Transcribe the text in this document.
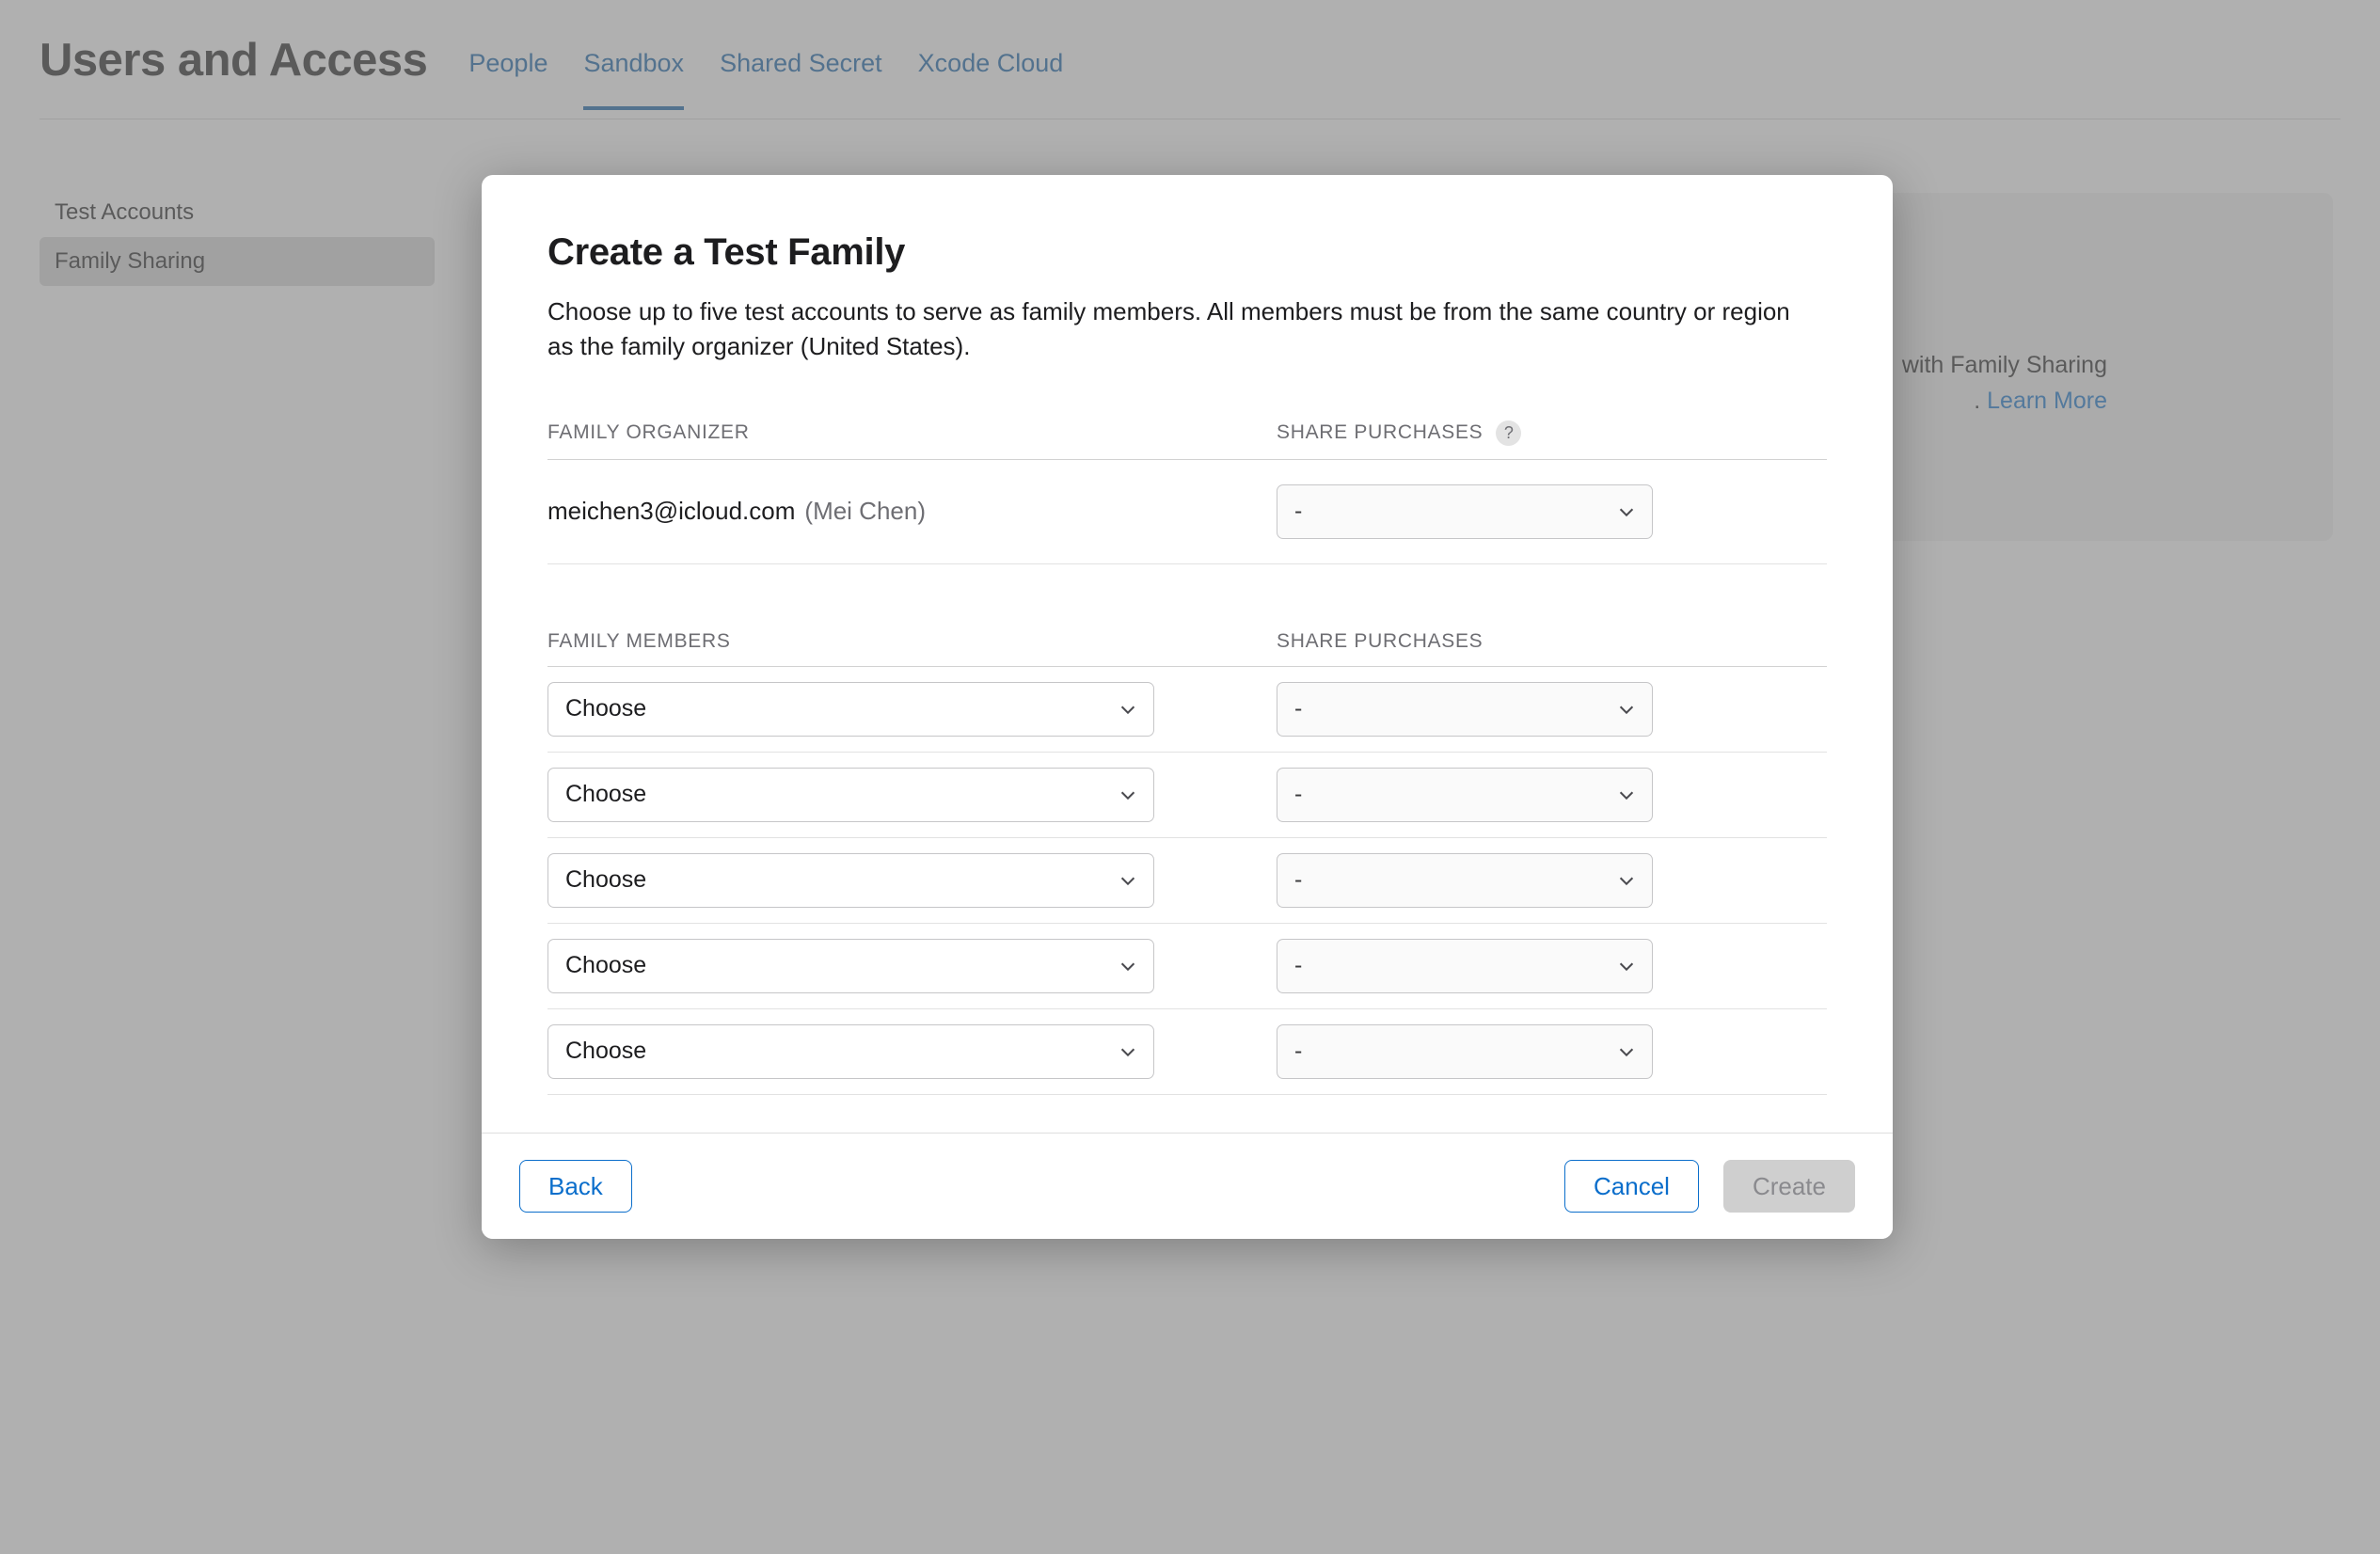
Create a Test Family

Choose up to five test accounts to serve as family members. All members must be from the same country or region as the family organizer (United States).

FAMILY ORGANIZER	SHARE PURCHASES	?
meichen3@icloud.com (Mei Chen)	-
FAMILY MEMBERS	SHARE PURCHASES
Choose	-
Choose	-
Choose	-
Choose	-
Choose	-
Back	Cancel	Create
